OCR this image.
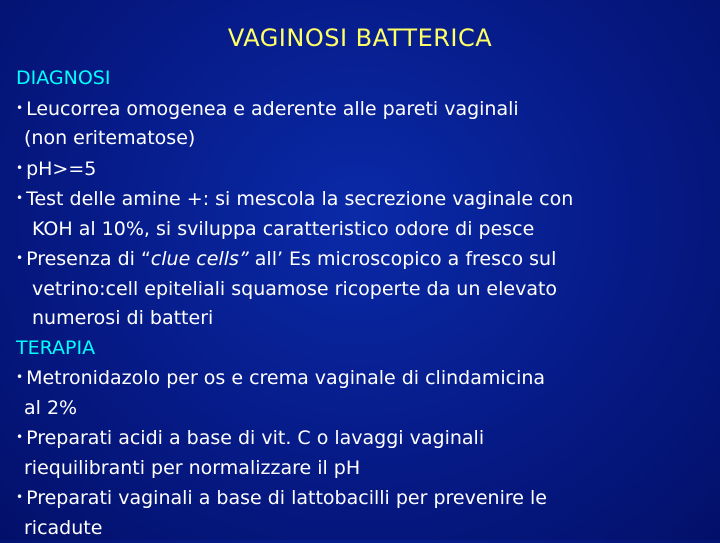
VAGINOSI BATTERICA
DIAGNOSI
• Leucorrea omogenea e aderente alle pareti vaginali
(non eritematose)
• pH>=5
• Test delle amine +: si mescola la secrezione vaginale con
KOH al 10%, si sviluppa caratteristico odore di pesce
• Presenza di “clue cells” all’ Es microscopico a fresco sul
vetrino:cell epiteliali squamose ricoperte da un elevato
numerosi di batteri
TERAPIA
• Metronidazolo per os e crema vaginale di clindamicina
al 2%
• Preparati acidi a base di vit. C o lavaggi vaginali
riequilibranti per normalizzare il pH
• Preparati vaginali a base di lattobacilli per prevenire le
ricadute
